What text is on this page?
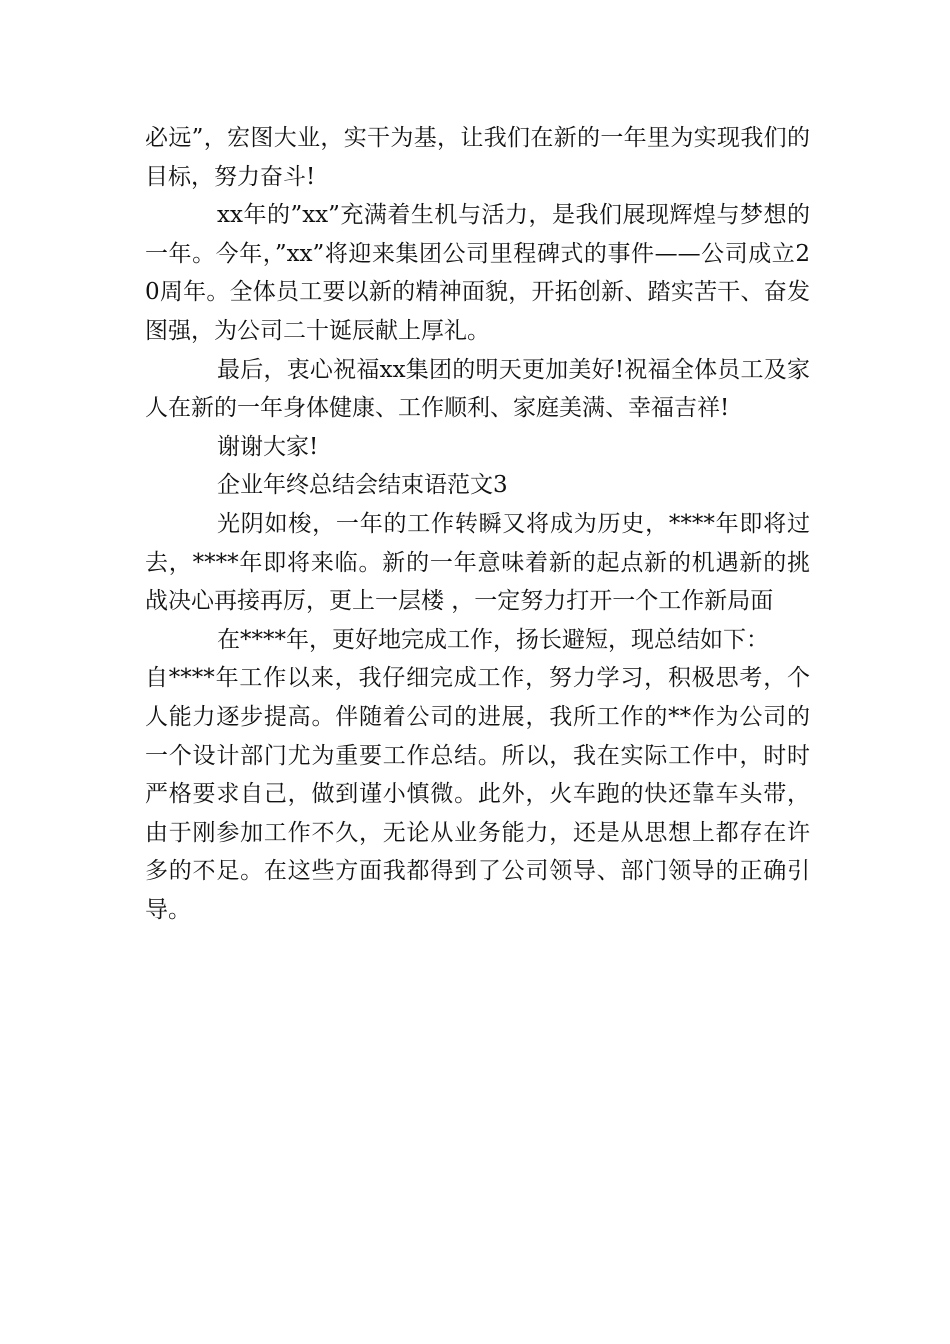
必远”，宏图大业，实干为基，让我们在新的一年里为实现我们的目标，努力奋斗!

xx年的”xx”充满着生机与活力，是我们展现辉煌与梦想的一年。今年，”xx”将迎来集团公司里程碑式的事件——公司成立20周年。全体员工要以新的精神面貌，开拓创新、踏实苦干、奋发图强，为公司二十诞辰献上厚礼。

最后，衷心祝福xx集团的明天更加美好!祝福全体员工及家人在新的一年身体健康、工作顺利、家庭美满、幸福吉祥!

谢谢大家!

企业年终总结会结束语范文3

光阴如梭，一年的工作转瞬又将成为历史，****年即将过去，****年即将来临。新的一年意味着新的起点新的机遇新的挑战决心再接再厉，更上一层楼 ，一定努力打开一个工作新局面

在****年，更好地完成工作，扬长避短，现总结如下：

自****年工作以来，我仔细完成工作，努力学习，积极思考，个人能力逐步提高。伴随着公司的进展，我所工作的**作为公司的一个设计部门尤为重要工作总结。所以，我在实际工作中，时时严格要求自己，做到谨小慎微。此外，火车跑的快还靠车头带，由于刚参加工作不久，无论从业务能力，还是从思想上都存在许多的不足。在这些方面我都得到了公司领导、部门领导的正确引导。
